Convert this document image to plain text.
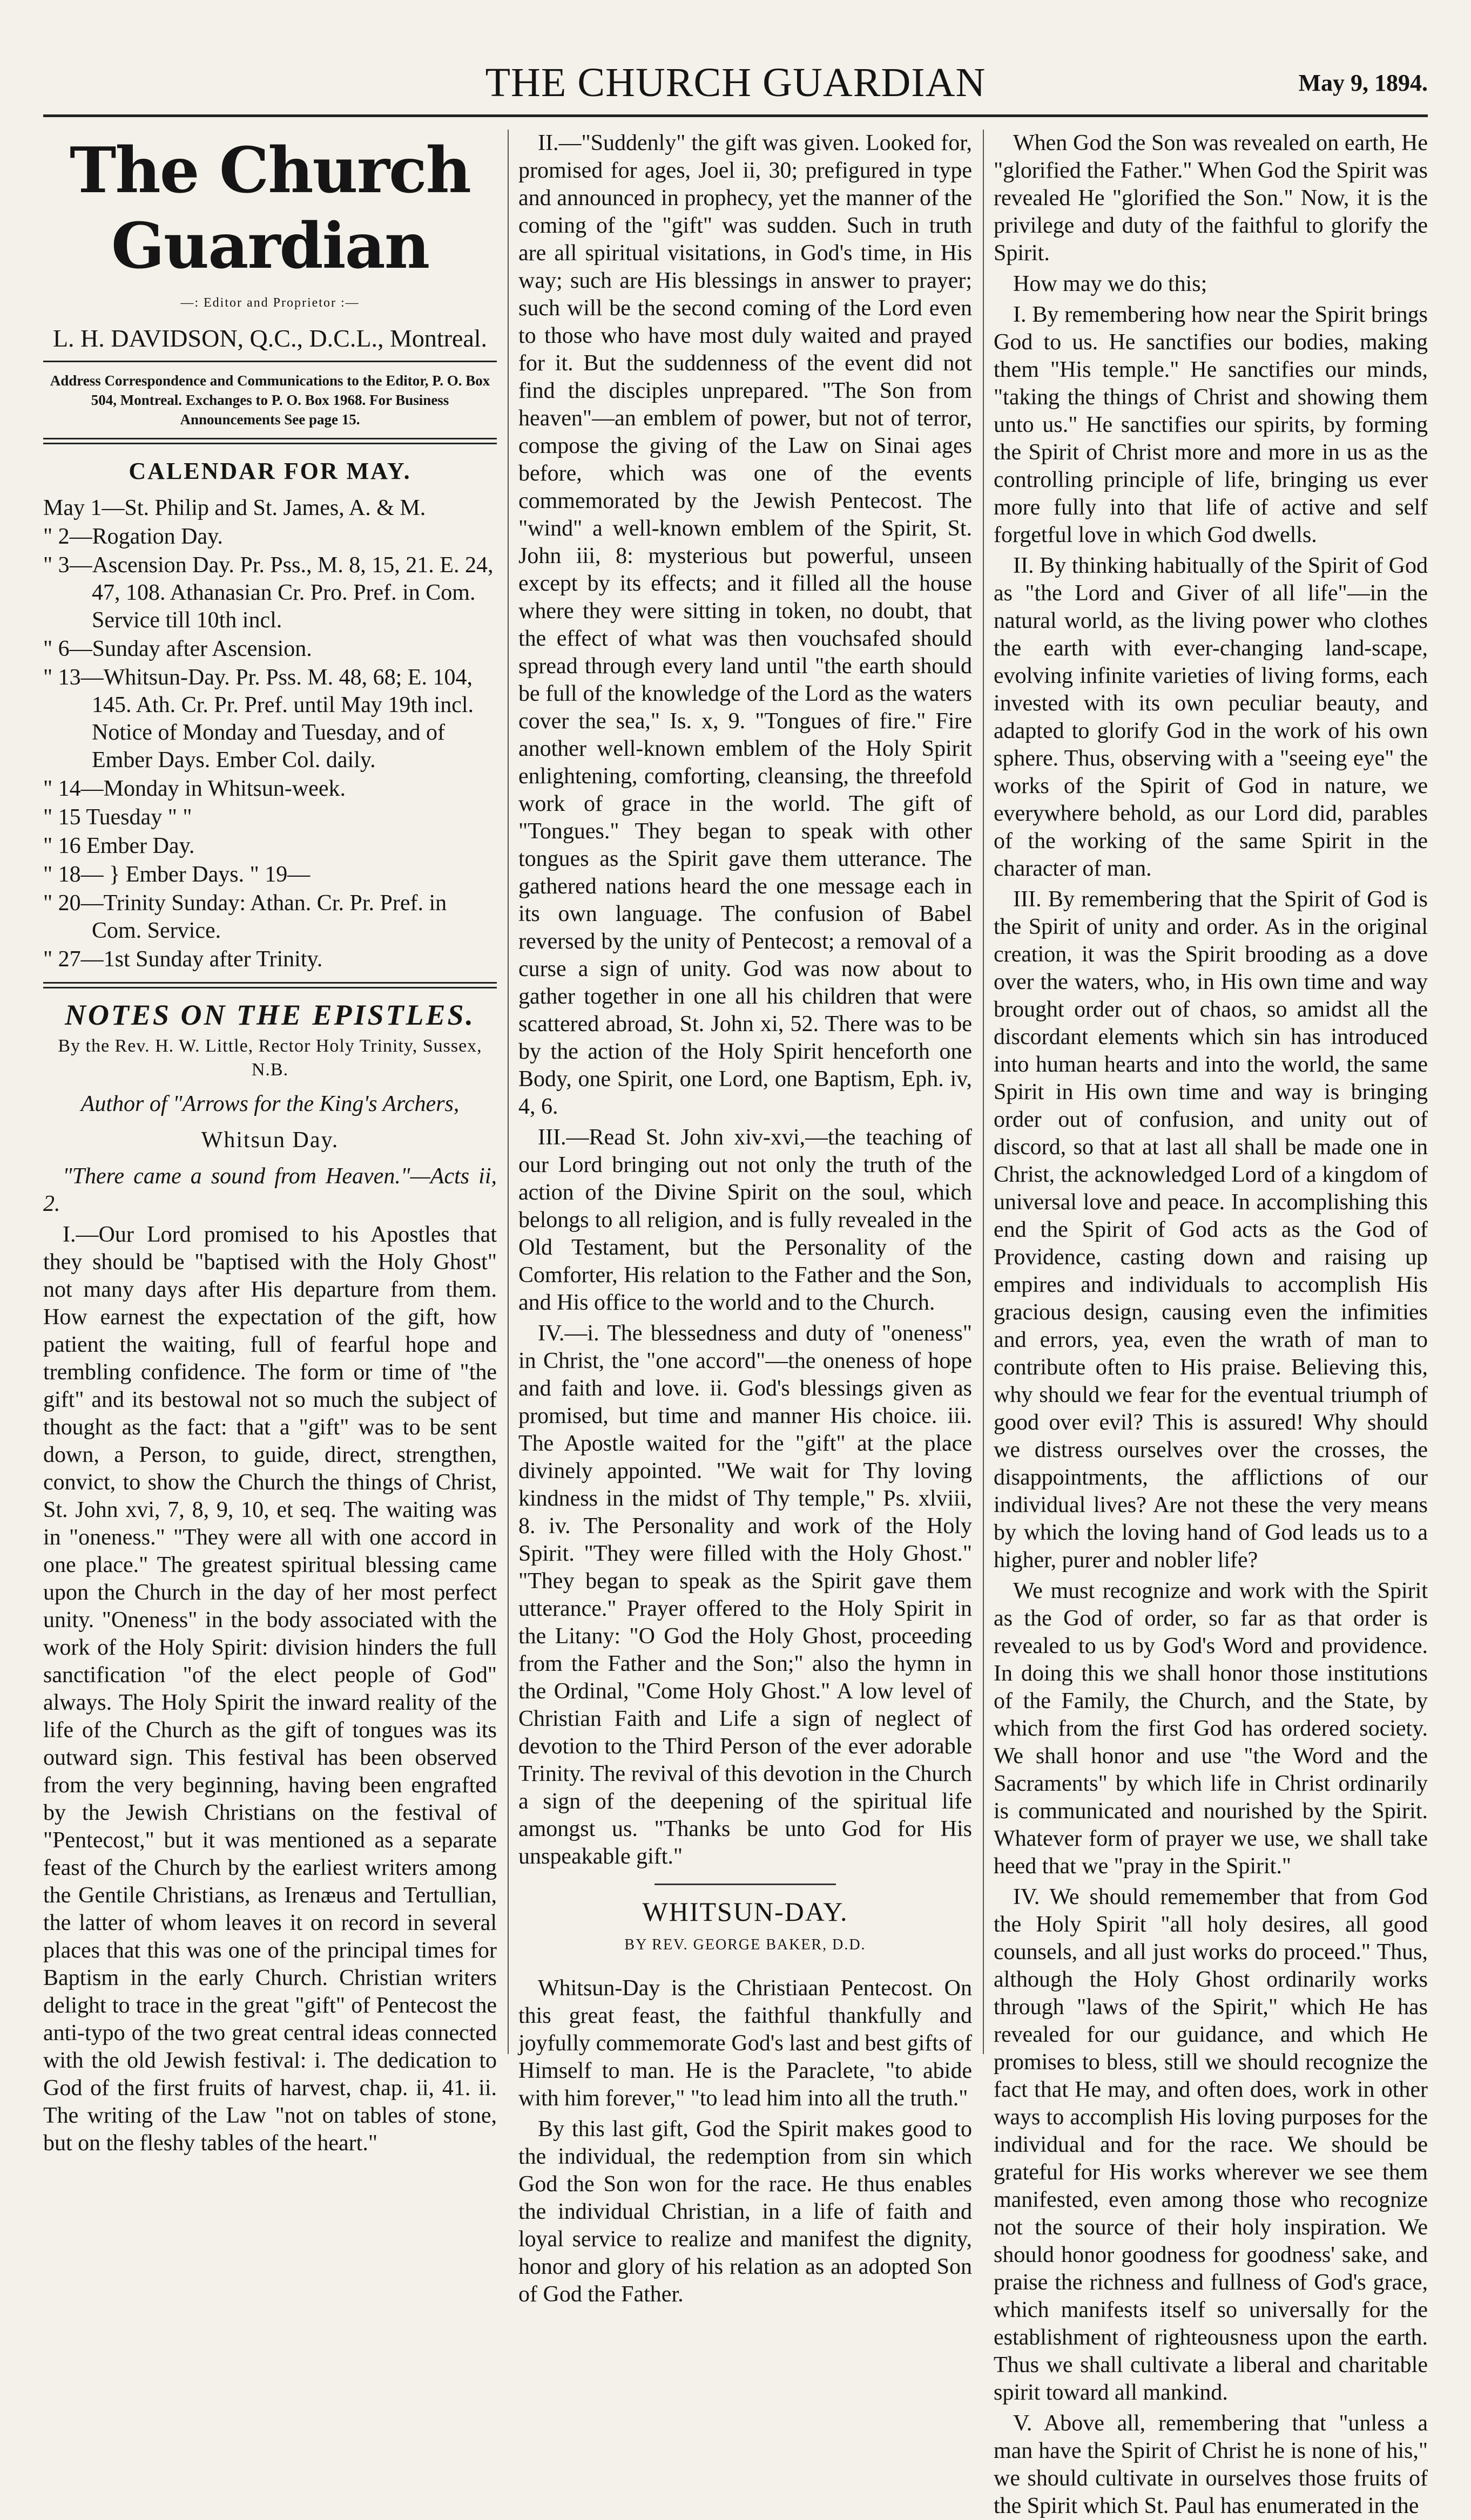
THE CHURCH GUARDIAN	May 9, 1894.
The Church Guardian
—: Editor and Proprietor :—
L. H. DAVIDSON, Q.C., D.C.L., Montreal.
Address Correspondence and Communications to the Editor, P. O. Box 504, Montreal. Exchanges to P. O. Box 1968. For Business Announcements See page 15.
CALENDAR FOR MAY.
May 1—St. Philip and St. James, A. & M.
" 2—Rogation Day.
" 3—Ascension Day. Pr. Pss., M. 8, 15, 21. E. 24, 47, 108. Athanasian Cr. Pro. Pref. in Com. Service till 10th incl.
" 6—Sunday after Ascension.
" 13—Whitsun-Day. Pr. Pss. M. 48, 68; E. 104, 145. Ath. Cr. Pr. Pref. until May 19th incl. Notice of Monday and Tuesday, and of Ember Days. Ember Col. daily.
" 14—Monday in Whitsun-week.
" 15 Tuesday " "
" 16 Ember Day.
" 18— } Ember Days. " 19—
" 20—Trinity Sunday: Athan. Cr. Pr. Pref. in Com. Service.
" 27—1st Sunday after Trinity.
NOTES ON THE EPISTLES.
By the Rev. H. W. Little, Rector Holy Trinity, Sussex, N.B.
Author of "Arrows for the King's Archers,
Whitsun Day.

"There came a sound from Heaven."—Acts ii, 2.

I.—Our Lord promised to his Apostles that they should be "baptised with the Holy Ghost" not many days after His departure from them. How earnest the expectation of the gift, how patient the waiting, full of fearful hope and trembling confidence. The form or time of "the gift" and its bestowal not so much the subject of thought as the fact: that a "gift" was to be sent down, a Person, to guide, direct, strengthen, convict, to show the Church the things of Christ, St. John xvi, 7, 8, 9, 10, et seq. The waiting was in "oneness." "They were all with one accord in one place." The greatest spiritual blessing came upon the Church in the day of her most perfect unity. "Oneness" in the body associated with the work of the Holy Spirit: division hinders the full sanctification "of the elect people of God" always. The Holy Spirit the inward reality of the life of the Church as the gift of tongues was its outward sign. This festival has been observed from the very beginning, having been engrafted by the Jewish Christians on the festival of "Pentecost," but it was mentioned as a separate feast of the Church by the earliest writers among the Gentile Christians, as Irenæus and Tertullian, the latter of whom leaves it on record in several places that this was one of the principal times for Baptism in the early Church. Christian writers delight to trace in the great "gift" of Pentecost the anti-typo of the two great central ideas connected with the old Jewish festival: i. The dedication to God of the first fruits of harvest, chap. ii, 41. ii. The writing of the Law "not on tables of stone, but on the fleshy tables of the heart."

II.—"Suddenly" the gift was given. Looked for, promised for ages, Joel ii, 30; prefigured in type and announced in prophecy, yet the manner of the coming of the "gift" was sudden. Such in truth are all spiritual visitations, in God's time, in His way; such are His blessings in answer to prayer; such will be the second coming of the Lord even to those who have most duly waited and prayed for it. But the suddenness of the event did not find the disciples unprepared. "The Son from heaven"—an emblem of power, but not of terror, compose the giving of the Law on Sinai ages before, which was one of the events commemorated by the Jewish Pentecost. The "wind" a well-known emblem of the Spirit, St. John iii, 8: mysterious but powerful, unseen except by its effects; and it filled all the house where they were sitting in token, no doubt, that the effect of what was then vouchsafed should spread through every land until "the earth should be full of the knowledge of the Lord as the waters cover the sea," Is. x, 9. "Tongues of fire." Fire another well-known emblem of the Holy Spirit enlightening, comforting, cleansing, the threefold work of grace in the world. The gift of "Tongues." They began to speak with other tongues as the Spirit gave them utterance. The gathered nations heard the one message each in its own language. The confusion of Babel reversed by the unity of Pentecost; a removal of a curse a sign of unity. God was now about to gather together in one all his children that were scattered abroad, St. John xi, 52. There was to be by the action of the Holy Spirit henceforth one Body, one Spirit, one Lord, one Baptism, Eph. iv, 4, 6.

III.—Read St. John xiv-xvi,—the teaching of our Lord bringing out not only the truth of the action of the Divine Spirit on the soul, which belongs to all religion, and is fully revealed in the Old Testament, but the Personality of the Comforter, His relation to the Father and the Son, and His office to the world and to the Church.

IV.—i. The blessedness and duty of "oneness" in Christ, the "one accord"—the oneness of hope and faith and love. ii. God's blessings given as promised, but time and manner His choice. iii. The Apostle waited for the "gift" at the place divinely appointed. "We wait for Thy loving kindness in the midst of Thy temple," Ps. xlviii, 8. iv. The Personality and work of the Holy Spirit. "They were filled with the Holy Ghost." "They began to speak as the Spirit gave them utterance." Prayer offered to the Holy Spirit in the Litany: "O God the Holy Ghost, proceeding from the Father and the Son;" also the hymn in the Ordinal, "Come Holy Ghost." A low level of Christian Faith and Life a sign of neglect of devotion to the Third Person of the ever adorable Trinity. The revival of this devotion in the Church a sign of the deepening of the spiritual life amongst us. "Thanks be unto God for His unspeakable gift."

WHITSUN-DAY.
BY REV. GEORGE BAKER, D.D.

Whitsun-Day is the Christiaan Pentecost. On this great feast, the faithful thankfully and joyfully commemorate God's last and best gifts of Himself to man. He is the Paraclete, "to abide with him forever," "to lead him into all the truth."

By this last gift, God the Spirit makes good to the individual, the redemption from sin which God the Son won for the race. He thus enables the individual Christian, in a life of faith and loyal service to realize and manifest the dignity, honor and glory of his relation as an adopted Son of God the Father.

When God the Son was revealed on earth, He "glorified the Father." When God the Spirit was revealed He "glorified the Son." Now, it is the privilege and duty of the faithful to glorify the Spirit.

How may we do this;

I. By remembering how near the Spirit brings God to us. He sanctifies our bodies, making them "His temple." He sanctifies our minds, "taking the things of Christ and showing them unto us." He sanctifies our spirits, by forming the Spirit of Christ more and more in us as the controlling principle of life, bringing us ever more fully into that life of active and self forgetful love in which God dwells.

II. By thinking habitually of the Spirit of God as "the Lord and Giver of all life"—in the natural world, as the living power who clothes the earth with ever-changing land-scape, evolving infinite varieties of living forms, each invested with its own peculiar beauty, and adapted to glorify God in the work of his own sphere. Thus, observing with a "seeing eye" the works of the Spirit of God in nature, we everywhere behold, as our Lord did, parables of the working of the same Spirit in the character of man.

III. By remembering that the Spirit of God is the Spirit of unity and order. As in the original creation, it was the Spirit brooding as a dove over the waters, who, in His own time and way brought order out of chaos, so amidst all the discordant elements which sin has introduced into human hearts and into the world, the same Spirit in His own time and way is bringing order out of confusion, and unity out of discord, so that at last all shall be made one in Christ, the acknowledged Lord of a kingdom of universal love and peace. In accomplishing this end the Spirit of God acts as the God of Providence, casting down and raising up empires and individuals to accomplish His gracious design, causing even the infimities and errors, yea, even the wrath of man to contribute often to His praise. Believing this, why should we fear for the eventual triumph of good over evil? This is assured! Why should we distress ourselves over the crosses, the disappointments, the afflictions of our individual lives? Are not these the very means by which the loving hand of God leads us to a higher, purer and nobler life?

We must recognize and work with the Spirit as the God of order, so far as that order is revealed to us by God's Word and providence. In doing this we shall honor those institutions of the Family, the Church, and the State, by which from the first God has ordered society. We shall honor and use "the Word and the Sacraments" by which life in Christ ordinarily is communicated and nourished by the Spirit. Whatever form of prayer we use, we shall take heed that we "pray in the Spirit."

IV. We should rememember that from God the Holy Spirit "all holy desires, all good counsels, and all just works do proceed." Thus, although the Holy Ghost ordinarily works through "laws of the Spirit," which He has revealed for our guidance, and which He promises to bless, still we should recognize the fact that He may, and often does, work in other ways to accomplish His loving purposes for the individual and for the race. We should be grateful for His works wherever we see them manifested, even among those who recognize not the source of their holy inspiration. We should honor goodness for goodness' sake, and praise the richness and fullness of God's grace, which manifests itself so universally for the establishment of righteousness upon the earth. Thus we shall cultivate a liberal and charitable spirit toward all mankind.

V. Above all, remembering that "unless a man have the Spirit of Christ he is none of his," we should cultivate in ourselves those fruits of the Spirit which St. Paul has enumerated in the
